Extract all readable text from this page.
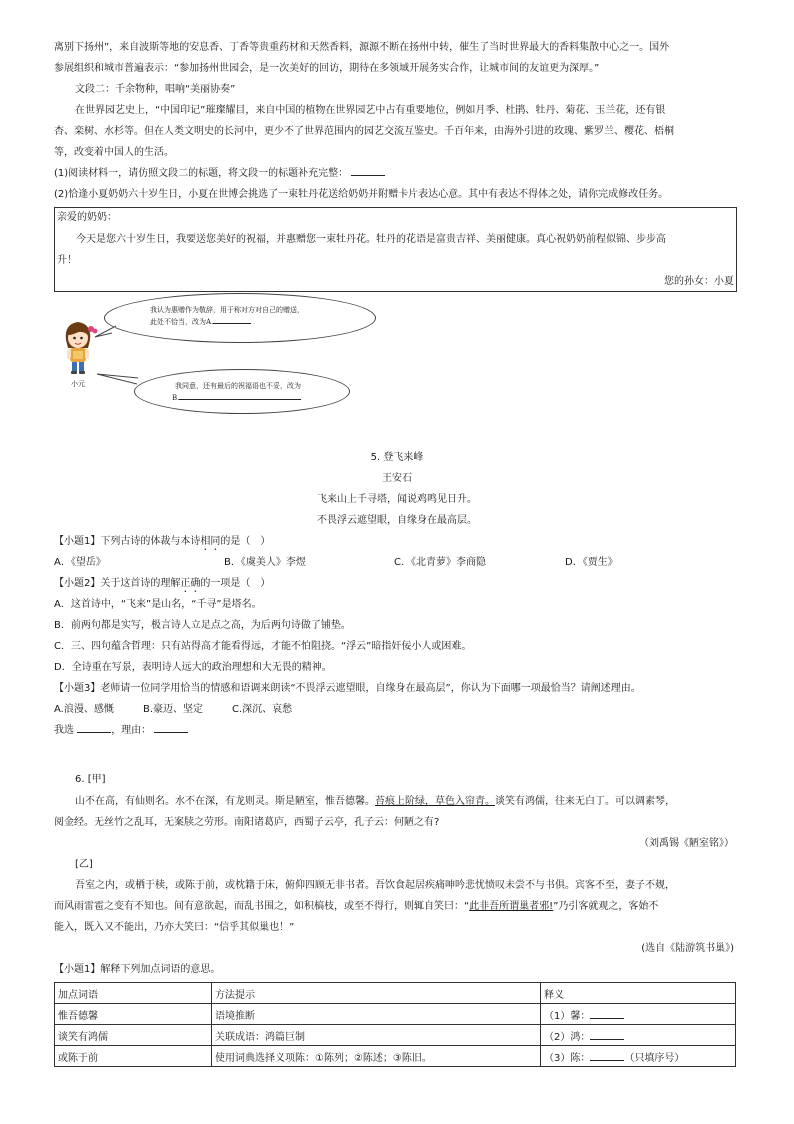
离别下扬州”，来自波斯等地的安息香、丁香等贵重药材和天然香料，源源不断在扬州中转，催生了当时世界最大的香料集散中心之一。国外
参展组织和城市普遍表示：“参加扬州世园会，是一次美好的回访，期待在多领域开展务实合作，让城市间的友谊更为深厚。”
文段二：千余物种，唱响“美丽协奏”
在世界园艺史上，“中国印记”璀璨耀目，来自中国的植物在世界园艺中占有重要地位，例如月季、杜鹃、牡丹、菊花、玉兰花，还有银
杏、栾树、水杉等。但在人类文明史的长河中，更少不了世界范围内的园艺交流互鉴史。千百年来，由海外引进的玫瑰、紫罗兰、樱花、梧桐
等，改变着中国人的生活。
(1)阅读材料一，请仿照文段二的标题，将文段一的标题补充完整：
(2)恰逢小夏奶奶六十岁生日，小夏在世博会挑选了一束牡丹花送给奶奶并附赠卡片表达心意。其中有表达不得体之处，请你完成修改任务。
亲爱的奶奶：
今天是您六十岁生日，我要送您美好的祝福，并惠赠您一束牡丹花。牡丹的花语是富贵吉祥、美丽健康。真心祝奶奶前程似锦、步步高
升！
您的孙女：小夏
小元
我认为惠赠作为敬辞，用于称对方对自己的赠送，
此处不恰当，改为A.
我同意，还有最后的祝福语也不妥，改为
B.
5. 登飞来峰
王安石
飞来山上千寻塔，闻说鸡鸣见日升。
不畏浮云遮望眼，自缘身在最高层。
【小题1】下列古诗的体裁与本诗相同的是（　）
A．《望岳》	B．《虞美人》李煜	C．《北青萝》李商隐	D．《贾生》
【小题2】关于这首诗的理解正确的一项是（　）
A．这首诗中，“飞来”是山名，“千寻”是塔名。
B．前两句都是实写，极言诗人立足点之高，为后两句诗做了铺垫。
C．三、四句蕴含哲理：只有站得高才能看得远，才能不怕阻挠。“浮云”暗指奸佞小人或困难。
D．全诗重在写景，表明诗人远大的政治理想和大无畏的精神。
【小题3】老师请一位同学用恰当的情感和语调来朗读“不畏浮云遮望眼，自缘身在最高层”，你认为下面哪一项最恰当？请阐述理由。
A.浪漫、感慨	B.豪迈、坚定	C.深沉、哀愁
我选	，理由：
6. [甲]
山不在高，有仙则名。水不在深，有龙则灵。斯是陋室，惟吾德馨。苔痕上阶绿，草色入帘青。谈笑有鸿儒，往来无白丁。可以调素琴，
阅金经。无丝竹之乱耳，无案牍之劳形。南阳诸葛庐，西蜀子云亭，孔子云：何陋之有?
（刘禹锡《陋室铭》）
[乙]
吾室之内，或栖于椟，或陈于前，或枕籍于床，俯仰四顾无非书者。吾饮食起居疾痛呻吟悲忧愤叹未尝不与书俱。宾客不至，妻子不觌，
而风雨雷雹之变有不知也。间有意欲起，而乱书围之，如积槁枝，或至不得行，则辄自笑曰：“此非吾所谓巢者邪!”乃引客就观之，客始不
能入，既入又不能出，乃亦大笑曰：“信乎其似巢也！”
(选自《陆游筑书巢》)
【小题1】解释下列加点词语的意思。
加点词语	方法提示	释义
惟吾德馨	语境推断	（1）馨：
谈笑有鸿儒	关联成语：鸿篇巨制	（2）鸿：
或陈于前	使用词典选择义项陈：①陈列；②陈述；③陈旧。	（3）陈： （只填序号）
